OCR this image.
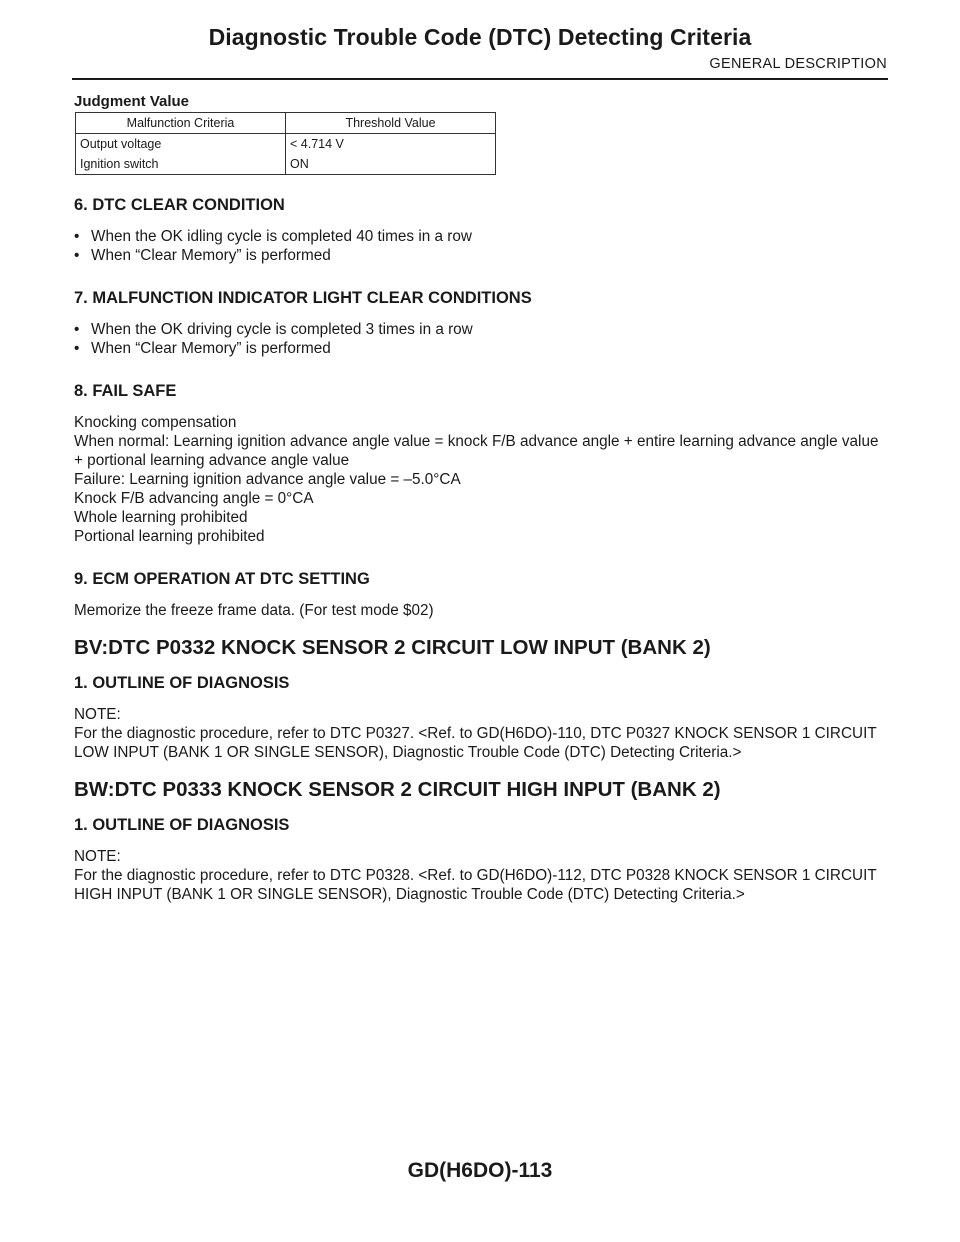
Diagnostic Trouble Code (DTC) Detecting Criteria
GENERAL DESCRIPTION
Judgment Value
Malfunction Criteria	Threshold Value
Output voltage	< 4.714 V
Ignition switch	ON
6. DTC CLEAR CONDITION
• When the OK idling cycle is completed 40 times in a row
• When “Clear Memory” is performed
7. MALFUNCTION INDICATOR LIGHT CLEAR CONDITIONS
• When the OK driving cycle is completed 3 times in a row
• When “Clear Memory” is performed
8. FAIL SAFE
Knocking compensation
When normal: Learning ignition advance angle value = knock F/B advance angle + entire learning advance angle value + portional learning advance angle value
Failure: Learning ignition advance angle value = –5.0°CA
Knock F/B advancing angle = 0°CA
Whole learning prohibited
Portional learning prohibited
9. ECM OPERATION AT DTC SETTING
Memorize the freeze frame data. (For test mode $02)
BV:DTC P0332 KNOCK SENSOR 2 CIRCUIT LOW INPUT (BANK 2)
1. OUTLINE OF DIAGNOSIS
NOTE:
For the diagnostic procedure, refer to DTC P0327. <Ref. to GD(H6DO)-110, DTC P0327 KNOCK SENSOR 1 CIRCUIT LOW INPUT (BANK 1 OR SINGLE SENSOR), Diagnostic Trouble Code (DTC) Detecting Criteria.>
BW:DTC P0333 KNOCK SENSOR 2 CIRCUIT HIGH INPUT (BANK 2)
1. OUTLINE OF DIAGNOSIS
NOTE:
For the diagnostic procedure, refer to DTC P0328. <Ref. to GD(H6DO)-112, DTC P0328 KNOCK SENSOR 1 CIRCUIT HIGH INPUT (BANK 1 OR SINGLE SENSOR), Diagnostic Trouble Code (DTC) Detecting Criteria.>
GD(H6DO)-113
